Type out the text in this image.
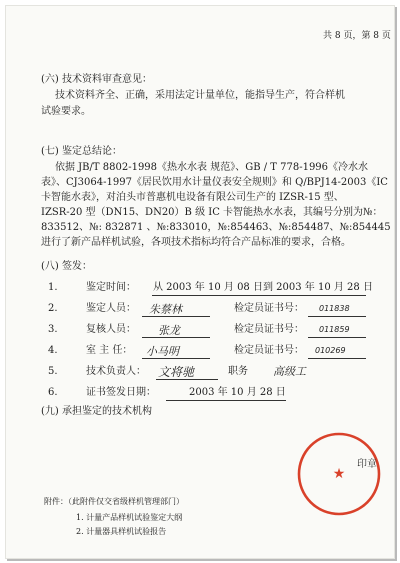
共 8 页，第 8 页
(六) 技术资料审查意见：
技术资料齐全、正确，采用法定计量单位，能指导生产，符合样机
试验要求。
(七) 鉴定总结论：
依据 JB/T 8802-1998《热水水表 规范》、GB / T 778-1996《冷水水
表》、CJ3064-1997《居民饮用水计量仪表安全规则》和 Q/BPJ14-2003《IC
卡智能水表》，对泊头市普惠机电设备有限公司生产的 IZSR-15 型、
IZSR-20 型（DN15、DN20）B 级 IC 卡智能热水水表，其编号分别为№：
833512、№: 832871 、№:833010，№:854463、№:854487、№:854445
进行了新产品样机试验，各项技术指标均符合产品标准的要求，合格。
(八) 签发：
1.	鉴定时间： 从 2003 年 10 月 08 日到 2003 年 10 月 28 日
2.	鉴定人员： 朱蔡林	检定员证书号： 011838
3.	复核人员： 张龙	检定员证书号： 011859
4.	室 主 任： 小马明	检定员证书号： 010269
5.	技术负责人： 文将驰	职务 高级工
6.	证书签发日期：	2003 年 10 月 28 日
(九) 承担鉴定的技术机构
★
印章
附件：（此附件仅交省级样机管理部门）
1. 计量产品样机试验鉴定大纲
2. 计量器具样机试验报告
